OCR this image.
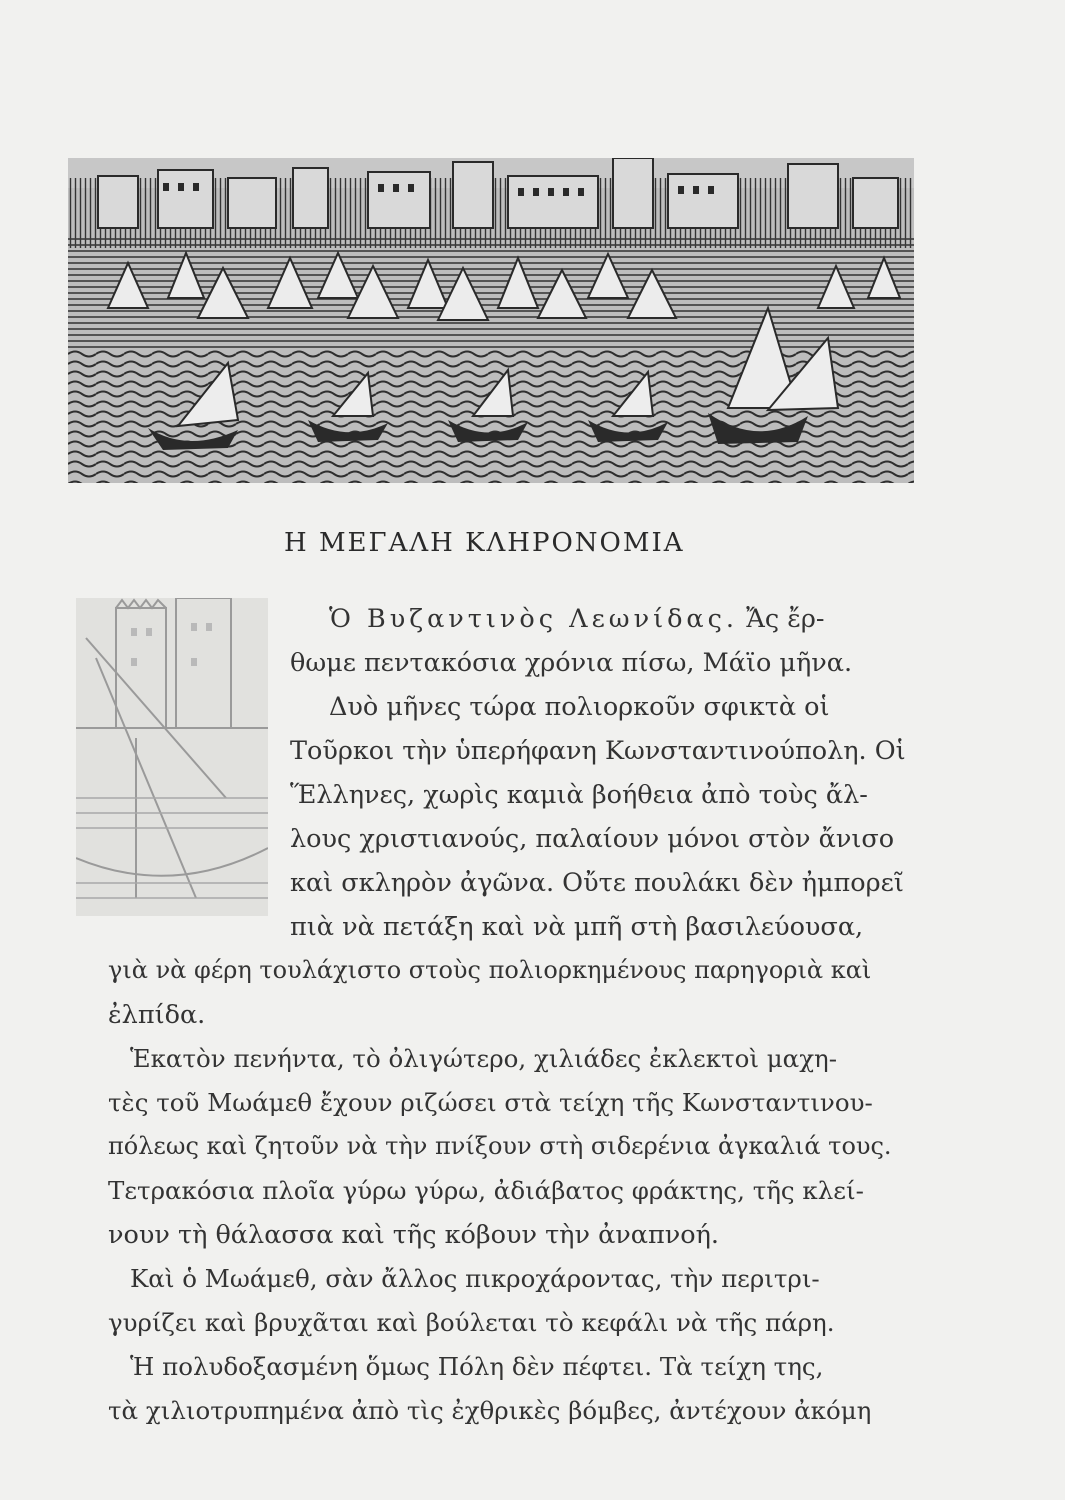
Η ΜΕΓΑΛΗ ΚΛΗΡΟΝΟΜΙΑ
Ὁ Βυζαντινὸς Λεωνίδας. Ἄς ἔρ-
θωμε πεντακόσια χρόνια πίσω, Μάϊο μῆνα.
Δυὸ μῆνες τώρα πολιορκοῦν σφικτὰ οἱ
Τοῦρκοι τὴν ὑπερήφανη Κωνσταντινούπολη. Οἱ
Ἕλληνες, χωρὶς καμιὰ βοήθεια ἀπὸ τοὺς ἄλ-
λους χριστιανούς, παλαίουν μόνοι στὸν ἄνισο
καὶ σκληρὸν ἀγῶνα. Οὔτε πουλάκι δὲν ἠμπορεῖ
πιὰ νὰ πετάξη καὶ νὰ μπῆ στὴ βασιλεύουσα,
γιὰ νὰ φέρη τουλάχιστο στοὺς πολιορκημένους παρηγοριὰ καὶ
ἐλπίδα.
Ἑκατὸν πενήντα, τὸ ὀλιγώτερο, χιλιάδες ἐκλεκτοὶ μαχη-
τὲς τοῦ Μωάμεθ ἔχουν ριζώσει στὰ τείχη τῆς Κωνσταντινου-
πόλεως καὶ ζητοῦν νὰ τὴν πνίξουν στὴ σιδερένια ἀγκαλιά τους.
Τετρακόσια πλοῖα γύρω γύρω, ἀδιάβατος φράκτης, τῆς κλεί-
νουν τὴ θάλασσα καὶ τῆς κόβουν τὴν ἀναπνοή.
Καὶ ὁ Μωάμεθ, σὰν ἄλλος πικροχάροντας, τὴν περιτρι-
γυρίζει καὶ βρυχᾶται καὶ βούλεται τὸ κεφάλι νὰ τῆς πάρη.
Ἡ πολυδοξασμένη ὅμως Πόλη δὲν πέφτει. Τὰ τείχη της,
τὰ χιλιοτρυπημένα ἀπὸ τὶς ἐχθρικὲς βόμβες, ἀντέχουν ἀκόμη
